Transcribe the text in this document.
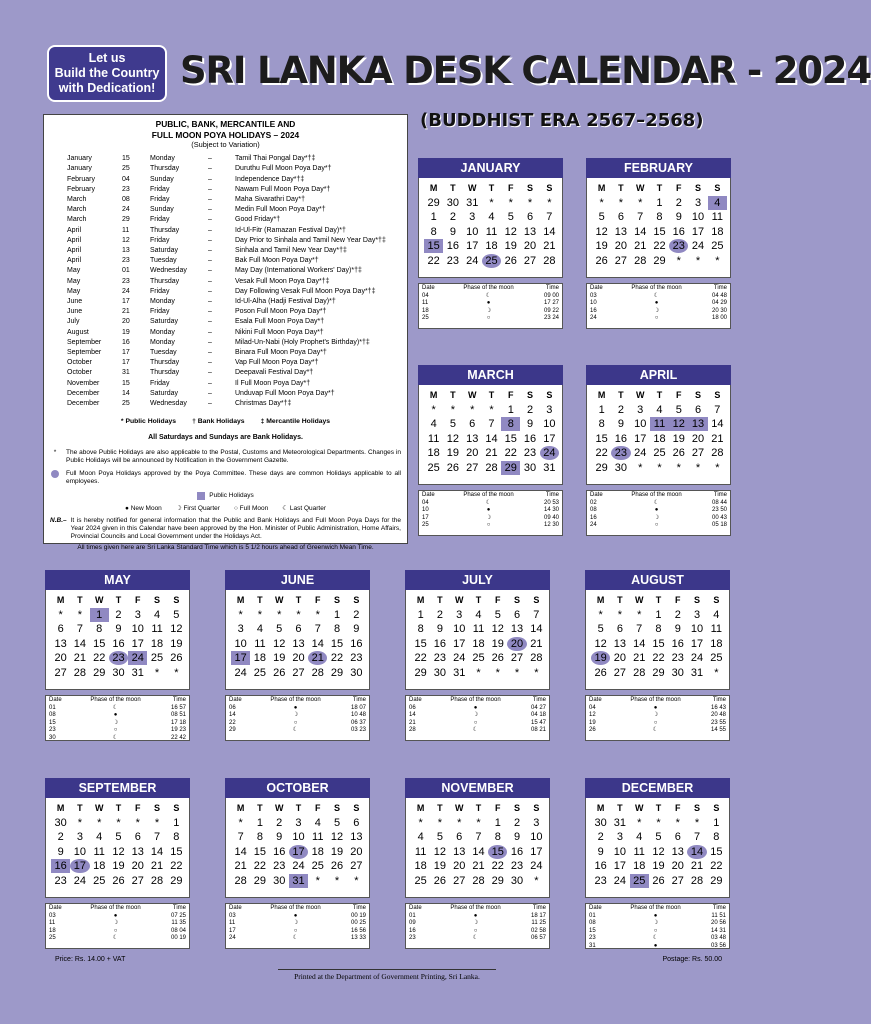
Let us
Build the Country
with Dedication! SRI LANKA DESK CALENDAR - 2024
(BUDDHIST ERA 2567–2568)
PUBLIC, BANK, MERCANTILE AND
FULL MOON POYA HOLIDAYS – 2024
(Subject to Variation)
January	15	Monday	–	Tamil Thai Pongal Day*†‡
January	25	Thursday	–	Duruthu Full Moon Poya Day*†
February	04	Sunday	–	Independence Day*†‡
February	23	Friday	–	Nawam Full Moon Poya Day*†
March	08	Friday	–	Maha Sivarathri Day*†
March	24	Sunday	–	Medin Full Moon Poya Day*†
March	29	Friday	–	Good Friday*†
April	11	Thursday	–	Id-Ul-Fitr (Ramazan Festival Day)*†
April	12	Friday	–	Day Prior to Sinhala and Tamil New Year Day*†‡
April	13	Saturday	–	Sinhala and Tamil New Year Day*†‡
April	23	Tuesday	–	Bak Full Moon Poya Day*†
May	01	Wednesday	–	May Day (International Workers' Day)*†‡
May	23	Thursday	–	Vesak Full Moon Poya Day*†‡
May	24	Friday	–	Day Following Vesak Full Moon Poya Day*†‡
June	17	Monday	–	Id-Ul-Alha (Hadji Festival Day)*†
June	21	Friday	–	Poson Full Moon Poya Day*†
July	20	Saturday	–	Esala Full Moon Poya Day*†
August	19	Monday	–	Nikini Full Moon Poya Day*†
September	16	Monday	–	Milad-Un-Nabi (Holy Prophet's Birthday)*†‡
September	17	Tuesday	–	Binara Full Moon Poya Day*†
October	17	Thursday	–	Vap Full Moon Poya Day*†
October	31	Thursday	–	Deepavali Festival Day*†
November	15	Friday	–	Il Full Moon Poya Day*†
December	14	Saturday	–	Unduvap Full Moon Poya Day*†
December	25	Wednesday	–	Christmas Day*†‡
* Public Holidays † Bank Holidays ‡ Mercantile Holidays
All Saturdays and Sundays are Bank Holidays.
*	The above Public Holidays are also applicable to the Postal, Customs and Meteorological Departments. Changes in Public Holidays will be announced by Notification in the Government Gazette.
Full Moon Poya Holidays approved by the Poya Committee. These days are common Holidays applicable to all employees.
Public Holidays
● New Moon ☽ First Quarter ○ Full Moon ☾ Last Quarter
N.B.– It is hereby notified for general information that the Public and Bank Holidays and Full Moon Poya Days for the Year 2024 given in this Calendar have been approved by the Hon. Minister of Public Administration, Home Affairs, Provincial Councils and Local Government under the Holidays Act.
All times given here are Sri Lanka Standard Time which is 5 1/2 hours ahead of Greenwich Mean Time.
JANUARY
M	T	W	T	F	S	S
29 30 31	*	*	*	*
1	2	3	4	5	6	7
8	9 10 11 12 13 14
15 16 17 18 19 20 21
22 23 24 25 26 27 28
Date	Phase of the moon	Time
04	☾	09 00
11	●	17 27
18	☽	09 22
25	○	23 24
FEBRUARY
M	T	W	T	F	S	S
*	*	*	1	2	3	4
5	6	7	8	9 10 11
12 13 14 15 16 17 18
19 20 21 22 23 24 25
26 27 28 29	*	*	*
Date	Phase of the moon	Time
03	☾	04 48
10	●	04 29
16	☽	20 30
24	○	18 00
MARCH
M	T	W	T	F	S	S
*	*	*	*	1	2	3
4	5	6	7	8	9 10
11 12 13 14 15 16 17
18 19 20 21 22 23 24
25 26 27 28 29 30 31
Date	Phase of the moon	Time
04	☾	20 53
10	●	14 30
17	☽	09 40
25	○	12 30
APRIL
M	T	W	T	F	S	S
1	2	3	4	5	6	7
8	9 10 11 12 13 14
15 16 17 18 19 20 21
22 23 24 25 26 27 28
29 30	*	*	*	*	*
Date	Phase of the moon	Time
02	☾	08 44
08	●	23 50
16	☽	00 43
24	○	05 18
MAY
M	T	W	T	F	S	S
*	*	1	2	3	4	5
6	7	8	9 10 11 12
13 14 15 16 17 18 19
20 21 22 23 24 25 26
27 28 29 30 31	*	*
Date	Phase of the moon	Time
01	☾	16 57
08	●	08 51
15	☽	17 18
23	○	19 23
30	☾	22 42
JUNE
M	T	W	T	F	S	S
*	*	*	*	*	1	2
3	4	5	6	7	8	9
10 11 12 13 14 15 16
17 18 19 20 21 22 23
24 25 26 27 28 29 30
Date	Phase of the moon	Time
06	●	18 07
14	☽	10 48
22	○	06 37
29	☾	03 23
JULY
M	T	W	T	F	S	S
1	2	3	4	5	6	7
8	9 10 11 12 13 14
15 16 17 18 19 20 21
22 23 24 25 26 27 28
29 30 31	*	*	*	*
Date	Phase of the moon	Time
06	●	04 27
14	☽	04 18
21	○	15 47
28	☾	08 21
AUGUST
M	T	W	T	F	S	S
*	*	*	1	2	3	4
5	6	7	8	9 10 11
12 13 14 15 16 17 18
19 20 21 22 23 24 25
26 27 28 29 30 31	*
Date	Phase of the moon	Time
04	●	16 43
12	☽	20 48
19	○	23 55
26	☾	14 55
SEPTEMBER
M	T	W	T	F	S	S
30	*	*	*	*	*	1
2	3	4	5	6	7	8
9 10 11 12 13 14 15
16 17 18 19 20 21 22
23 24 25 26 27 28 29
Date	Phase of the moon	Time
03	●	07 25
11	☽	11 35
18	○	08 04
25	☾	00 19
OCTOBER
M	T	W	T	F	S	S
*	1	2	3	4	5	6
7	8	9 10 11 12 13
14 15 16 17 18 19 20
21 22 23 24 25 26 27
28 29 30 31	*	*	*
Date	Phase of the moon	Time
03	●	00 19
11	☽	00 25
17	○	16 56
24	☾	13 33
NOVEMBER
M	T	W	T	F	S	S
*	*	*	*	1	2	3
4	5	6	7	8	9 10
11 12 13 14 15 16 17
18 19 20 21 22 23 24
25 26 27 28 29 30	*
Date	Phase of the moon	Time
01	●	18 17
09	☽	11 25
16	○	02 58
23	☾	06 57
DECEMBER
M	T	W	T	F	S	S
30 31	*	*	*	*	1
2	3	4	5	6	7	8
9 10 11 12 13 14 15
16 17 18 19 20 21 22
23 24 25 26 27 28 29
Date	Phase of the moon	Time
01	●	11 51
08	☽	20 56
15	○	14 31
23	☾	03 48
31	●	03 56
Price: Rs. 14.00 + VAT
Printed at the Department of Government Printing, Sri Lanka.
Postage: Rs. 50.00
